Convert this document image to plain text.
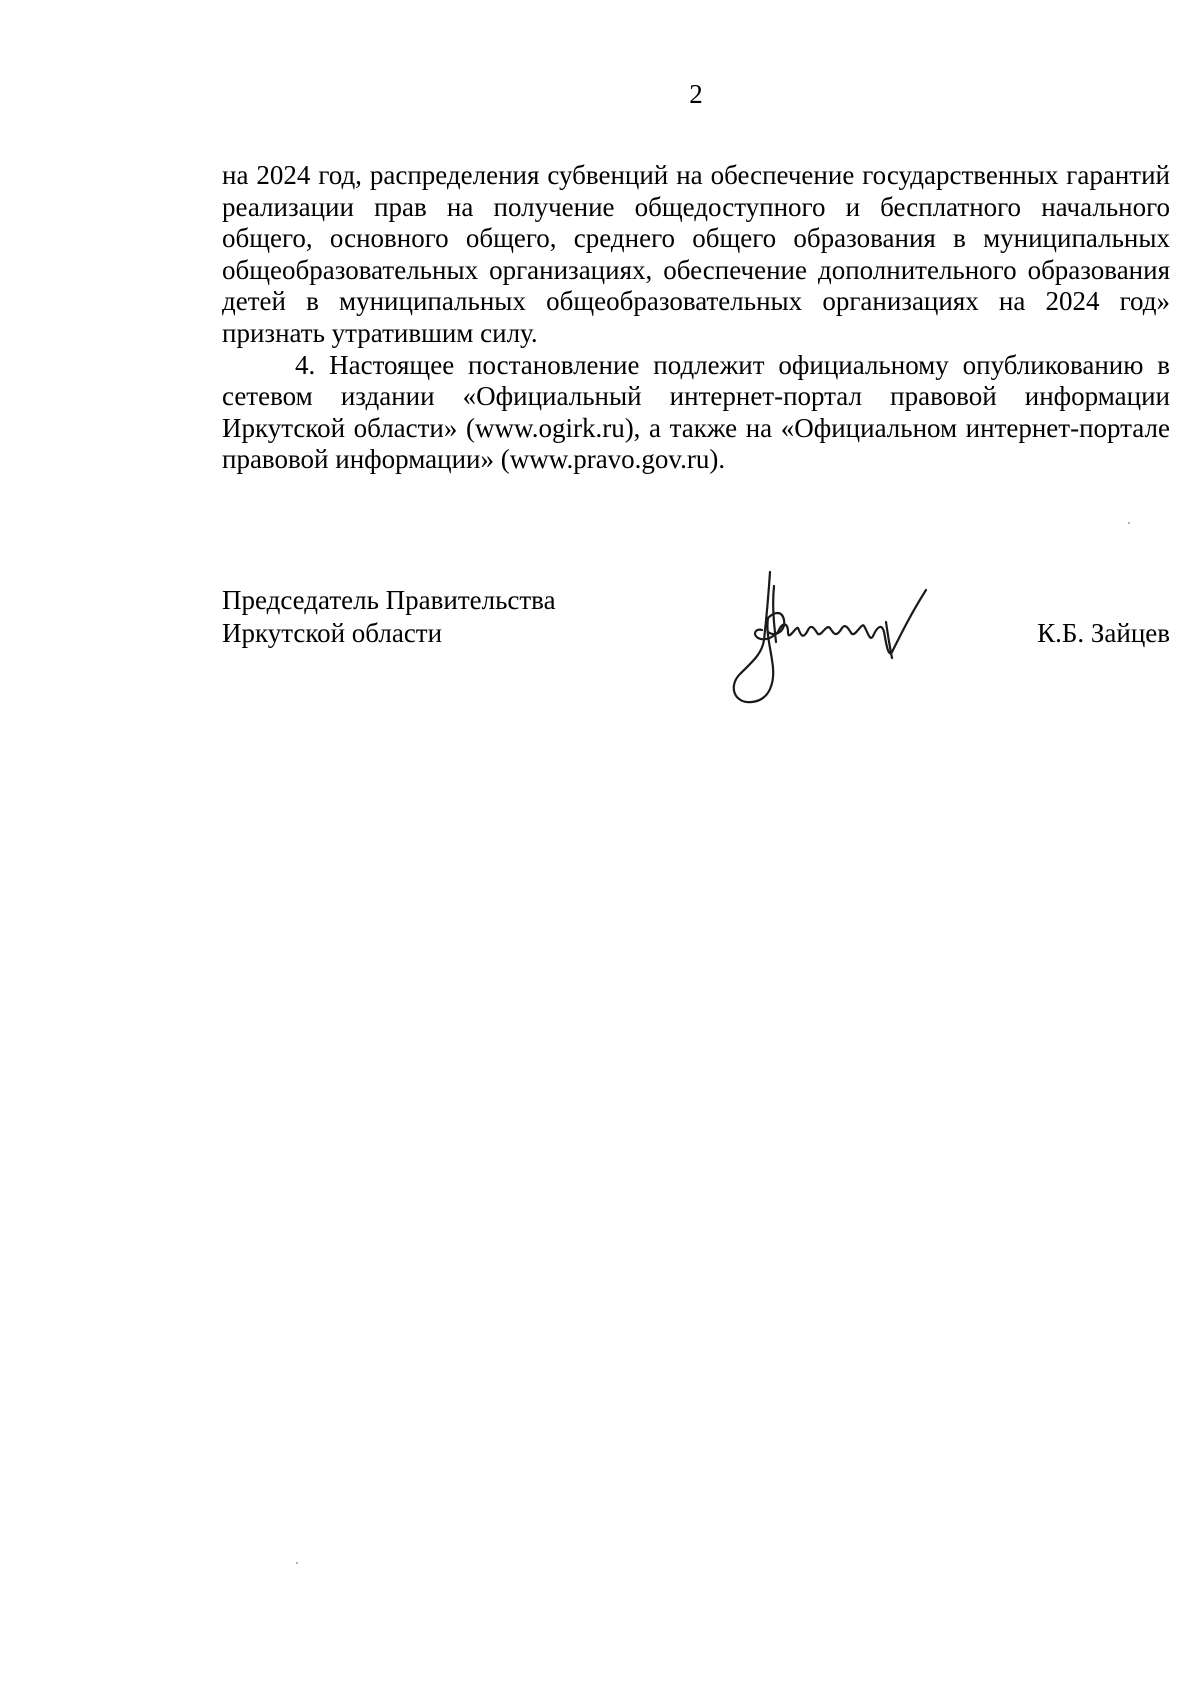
2

на 2024 год, распределения субвенций на обеспечение государственных гарантий реализации прав на получение общедоступного и бесплатного начального общего, основного общего, среднего общего образования в муниципальных общеобразовательных организациях, обеспечение дополнительного образования детей в муниципальных общеобразовательных организациях на 2024 год» признать утратившим силу.

4. Настоящее постановление подлежит официальному опубликованию в сетевом издании «Официальный интернет-портал правовой информации Иркутской области» (www.ogirk.ru), а также на «Официальном интернет-портале правовой информации» (www.pravo.gov.ru).

Председатель Правительства
Иркутской области	К.Б. Зайцев
